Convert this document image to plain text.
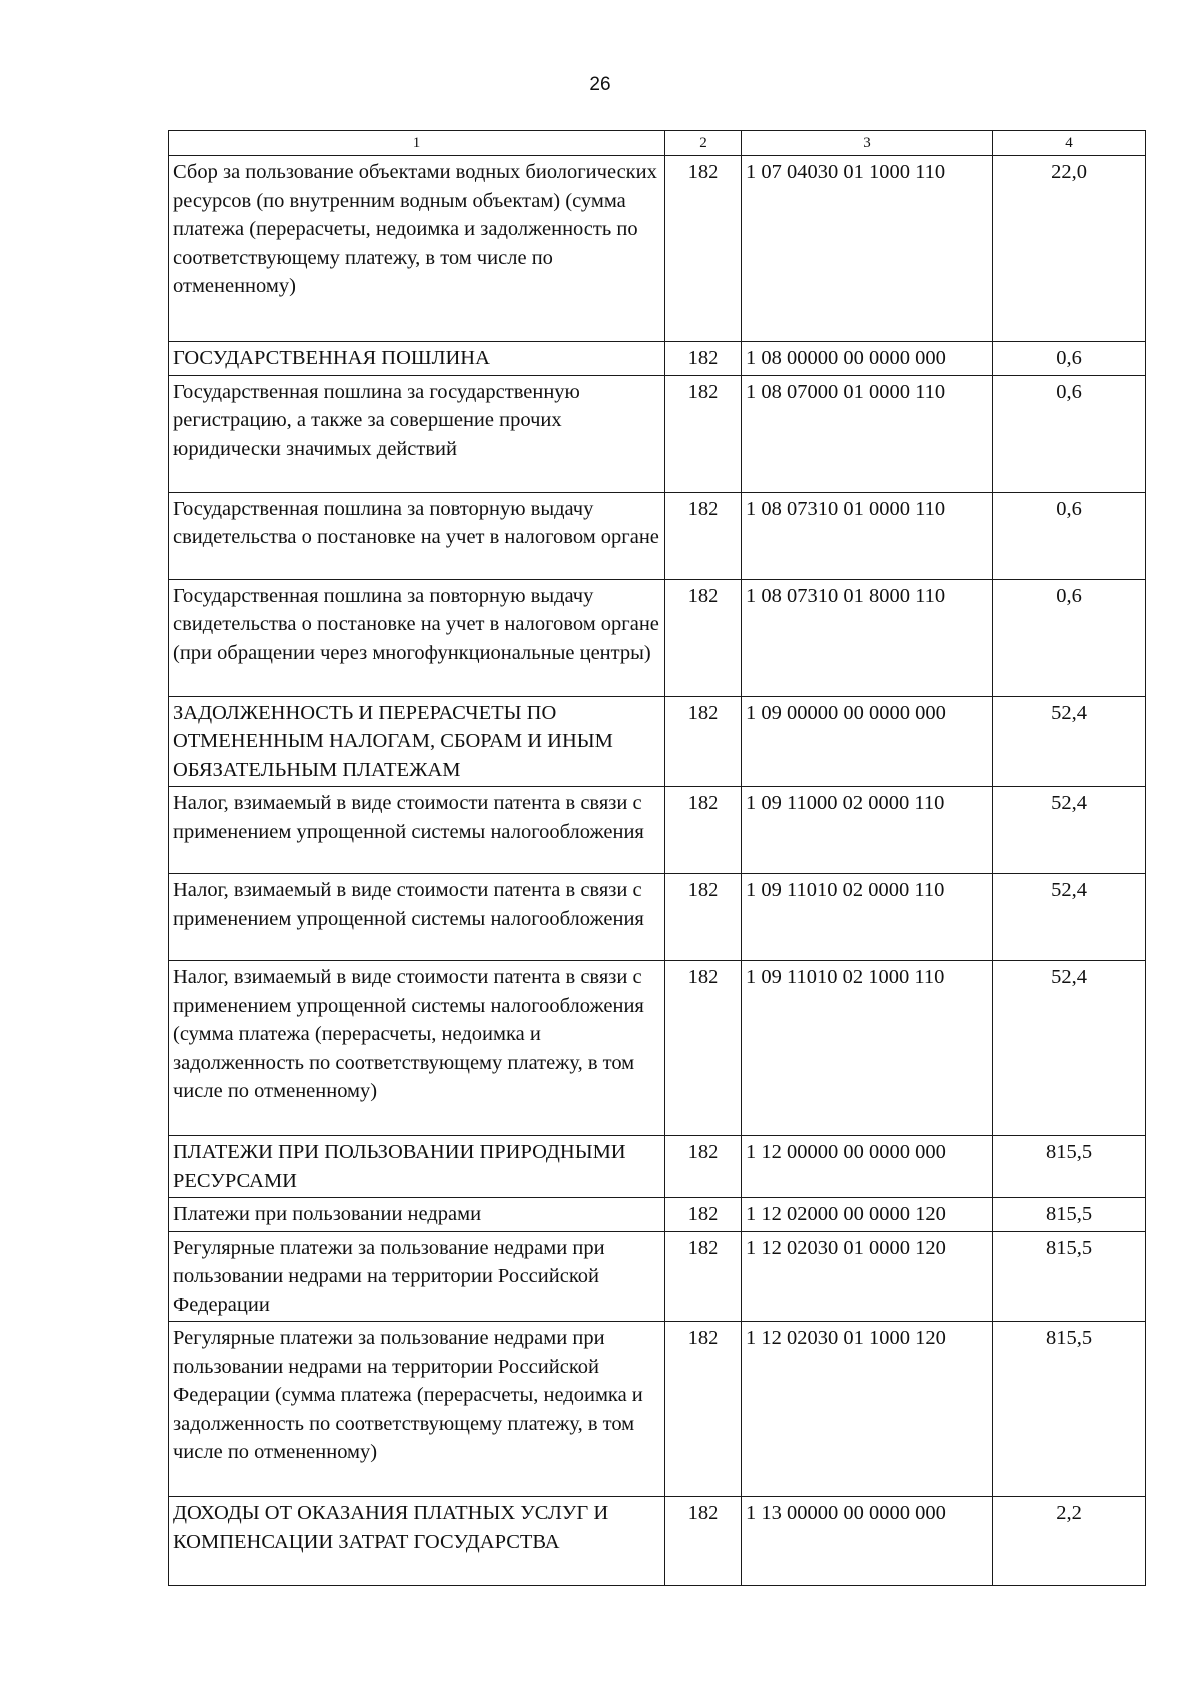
26
1	2	3	4
Сбор за пользование объектами водных биологических ресурсов (по внутренним водным объектам) (сумма платежа (перерасчеты, недоимка и задолженность по соответствующему платежу, в том числе по отмененному)	182	1 07 04030 01 1000 110	22,0
ГОСУДАРСТВЕННАЯ ПОШЛИНА	182	1 08 00000 00 0000 000	0,6
Государственная пошлина за государственную регистрацию, а также за совершение прочих юридически значимых действий	182	1 08 07000 01 0000 110	0,6
Государственная пошлина за повторную выдачу свидетельства о постановке на учет в налоговом органе	182	1 08 07310 01 0000 110	0,6
Государственная пошлина за повторную выдачу свидетельства о постановке на учет в налоговом органе (при обращении через многофункциональные центры)	182	1 08 07310 01 8000 110	0,6
ЗАДОЛЖЕННОСТЬ И ПЕРЕРАСЧЕТЫ ПО ОТМЕНЕННЫМ НАЛОГАМ, СБОРАМ И ИНЫМ ОБЯЗАТЕЛЬНЫМ ПЛАТЕЖАМ	182	1 09 00000 00 0000 000	52,4
Налог, взимаемый в виде стоимости патента в связи с применением упрощенной системы налогообложения	182	1 09 11000 02 0000 110	52,4
Налог, взимаемый в виде стоимости патента в связи с применением упрощенной системы налогообложения	182	1 09 11010 02 0000 110	52,4
Налог, взимаемый в виде стоимости патента в связи с применением упрощенной системы налогообложения (сумма платежа (перерасчеты, недоимка и задолженность по соответствующему платежу, в том числе по отмененному)	182	1 09 11010 02 1000 110	52,4
ПЛАТЕЖИ ПРИ ПОЛЬЗОВАНИИ ПРИРОДНЫМИ РЕСУРСАМИ	182	1 12 00000 00 0000 000	815,5
Платежи при пользовании недрами	182	1 12 02000 00 0000 120	815,5
Регулярные платежи за пользование недрами при пользовании недрами на территории Российской Федерации	182	1 12 02030 01 0000 120	815,5
Регулярные платежи за пользование недрами при пользовании недрами на территории Российской Федерации (сумма платежа (перерасчеты, недоимка и задолженность по соответствующему платежу, в том числе по отмененному)	182	1 12 02030 01 1000 120	815,5
ДОХОДЫ ОТ ОКАЗАНИЯ ПЛАТНЫХ УСЛУГ И КОМПЕНСАЦИИ ЗАТРАТ ГОСУДАРСТВА	182	1 13 00000 00 0000 000	2,2
